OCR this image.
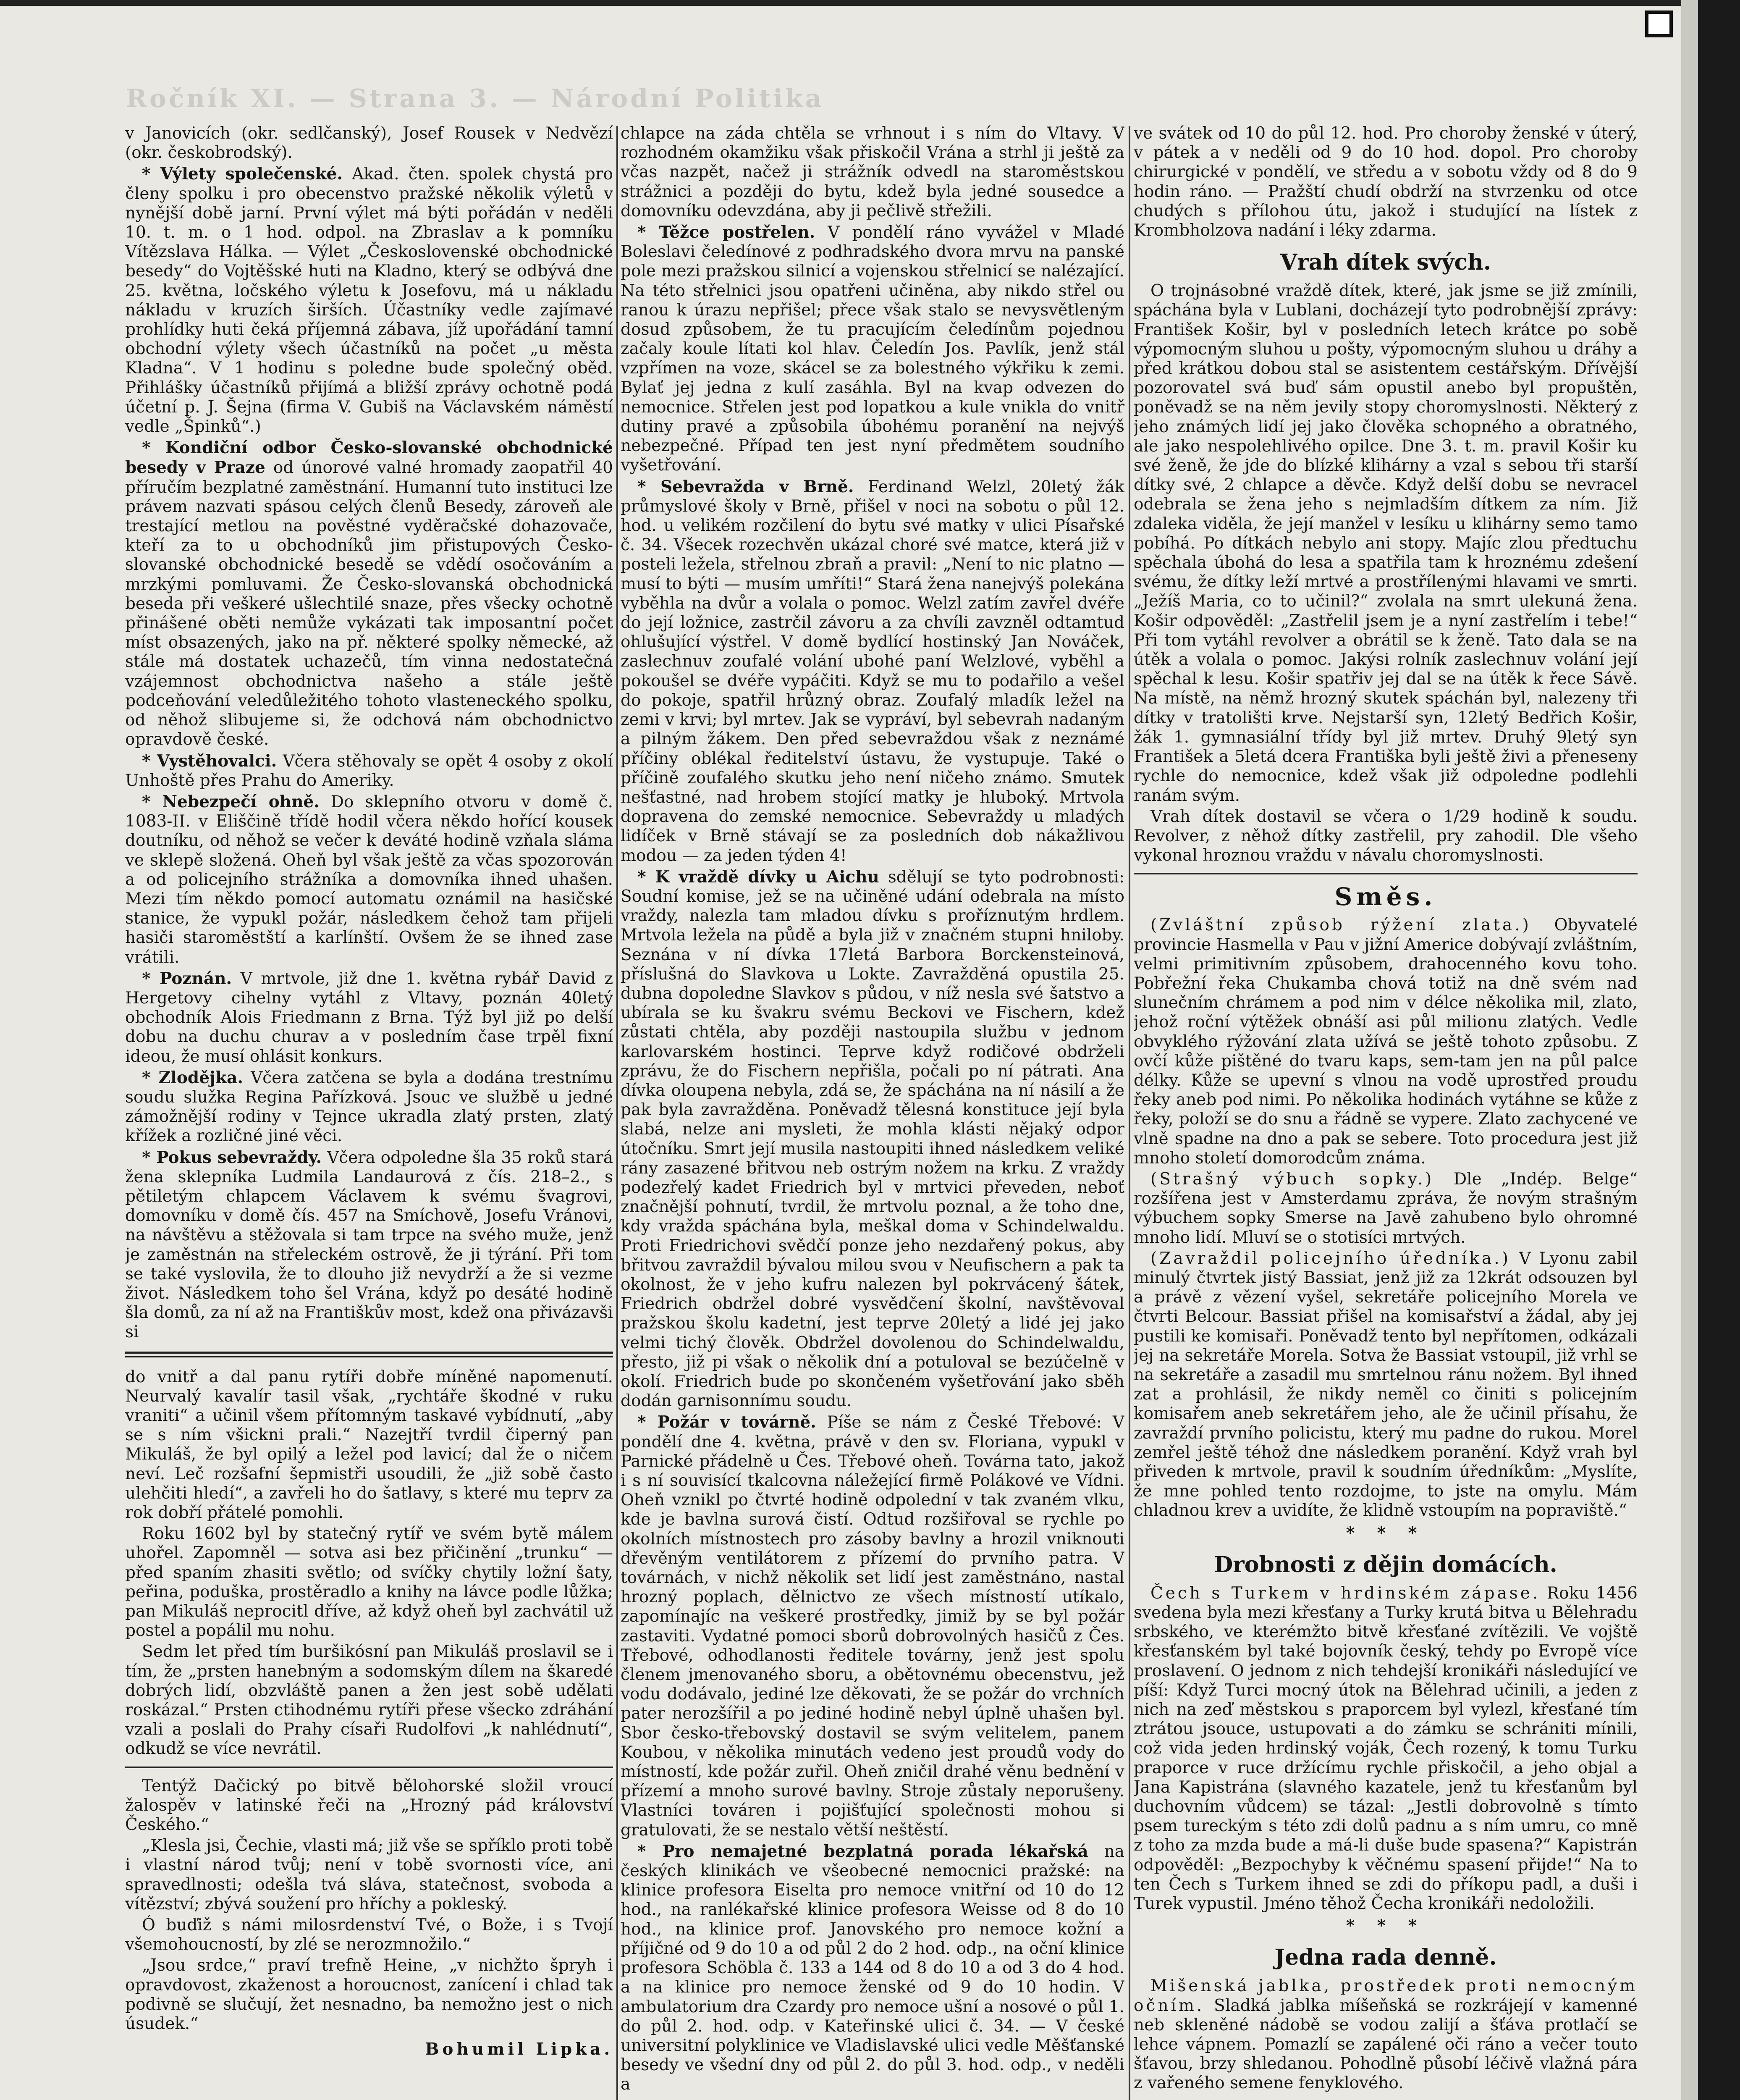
Ročník XI. — Strana 3. — Národní Politika

v Janovicích (okr. sedlčanský), Josef Rousek v Nedvězí (okr. českobrodský).

* Výlety společenské. Akad. čten. spolek chystá pro členy spolku i pro obecenstvo pražské několik výletů v nynější době jarní. První výlet má býti pořádán v neděli 10. t. m. o 1 hod. odpol. na Zbraslav a k pomníku Vítězslava Hálka. — Výlet „Československé obchodnické besedy“ do Vojtěšské huti na Kladno, který se odbývá dne 25. května, ločského výletu k Josefovu, má u nákladu nákladu v kruzích širších. Účastníky vedle zajímavé prohlídky huti čeká příjemná zábava, jíž upořádání tamní obchodní výlety všech účastníků na počet „u města Kladna“. V 1 hodinu s poledne bude společný oběd. Přihlášky účastníků přijímá a bližší zprávy ochotně podá účetní p. J. Šejna (firma V. Gubiš na Václavském náměstí vedle „Špinků“.)

* Kondiční odbor Česko-slovanské obchodnické besedy v Praze od únorové valné hromady zaopatřil 40 příručím bezplatné zaměstnání. Humanní tuto instituci lze právem nazvati spásou celých členů Besedy, zároveň ale trestající metlou na pověstné vyděračské dohazovače, kteří za to u obchodníků jim přistupových Česko-slovanské obchodnické besedě se vdědí osočováním a mrzkými pomluvami. Že Česko-slovanská obchodnická beseda při veškeré ušlechtilé snaze, přes všecky ochotně přinášené oběti nemůže vykázati tak imposantní počet míst obsazených, jako na př. některé spolky německé, až stále má dostatek uchazečů, tím vinna nedostatečná vzájemnost obchodnictva našeho a stále ještě podceňování veledůležitého tohoto vlasteneckého spolku, od něhož slibujeme si, že odchová nám obchodnictvo opravdově české.

* Vystěhovalci. Včera stěhovaly se opět 4 osoby z okolí Unhoště přes Prahu do Ameriky.

* Nebezpečí ohně. Do sklepního otvoru v domě č. 1083-II. v Eliščině třídě hodil včera někdo hořící kousek doutníku, od něhož se večer k deváté hodině vzňala sláma ve sklepě složená. Oheň byl však ještě za včas spozorován a od policejního strážníka a domovníka ihned uhašen. Mezi tím někdo pomocí automatu oznámil na hasičské stanice, že vypukl požár, následkem čehož tam přijeli hasiči staroměstští a karlínští. Ovšem že se ihned zase vrátili.

* Poznán. V mrtvole, již dne 1. května rybář David z Hergetovy cihelny vytáhl z Vltavy, poznán 40letý obchodník Alois Friedmann z Brna. Týž byl již po delší dobu na duchu churav a v posledním čase trpěl fixní ideou, že musí ohlásit konkurs.

* Zlodějka. Včera zatčena se byla a dodána trestnímu soudu služka Regina Pařízková. Jsouc ve službě u jedné zámožnější rodiny v Tejnce ukradla zlatý prsten, zlatý křížek a rozličné jiné věci.

* Pokus sebevraždy. Včera odpoledne šla 35 roků stará žena sklepníka Ludmila Landaurová z čís. 218–2., s pětiletým chlapcem Václavem k svému švagrovi, domovníku v domě čís. 457 na Smíchově, Josefu Vránovi, na návštěvu a stěžovala si tam trpce na svého muže, jenž je zaměstnán na střeleckém ostrově, že ji týrání. Při tom se také vyslovila, že to dlouho již nevydrží a že si vezme život. Následkem toho šel Vrána, když po desáté hodině šla domů, za ní až na Františkův most, kdež ona přivázavši si

do vnitř a dal panu rytíři dobře míněné napomenutí. Neurvalý kavalír tasil však, „rychtáře škodné v ruku vraniti“ a učinil všem přítomným taskavé vybídnutí, „aby se s ním všickni prali.“ Nazejtří tvrdil čiperný pan Mikuláš, že byl opilý a ležel pod lavicí; dal že o ničem neví. Leč rozšafní šepmistři usoudili, že „již sobě často ulehčiti hledí“, a zavřeli ho do šatlavy, s které mu teprv za rok dobří přátelé pomohli.

Roku 1602 byl by statečný rytíř ve svém bytě málem uhořel. Zapomněl — sotva asi bez přičinění „trunku“ — před spaním zhasiti světlo; od svíčky chytily ložní šaty, peřina, poduška, prostěradlo a knihy na lávce podle lůžka; pan Mikuláš neprocitl dříve, až když oheň byl zachvátil už postel a popálil mu nohu.

Sedm let před tím buršikósní pan Mikuláš proslavil se i tím, že „prsten hanebným a sodomským dílem na škaredé dobrých lidí, obzvláště panen a žen jest sobě udělati roskázal.“ Prsten ctihodnému rytíři přese všecko zdráhání vzali a poslali do Prahy císaři Rudolfovi „k nahlédnutí“, odkudž se více nevrátil.

Tentýž Dačický po bitvě bělohorské složil vroucí žalospěv v latinské řeči na „Hrozný pád království Českého.“

„Klesla jsi, Čechie, vlasti má; již vše se spříklo proti tobě i vlastní národ tvůj; není v tobě svornosti více, ani spravedlnosti; odešla tvá sláva, statečnost, svoboda a vítězství; zbývá soužení pro hříchy a pokleský.

Ó buďiž s námi milosrdenství Tvé, o Bože, i s Tvojí všemohoucností, by zlé se nerozmnožilo.“

„Jsou srdce,“ praví trefně Heine, „v nichžto špryh i opravdovost, zkaženost a horoucnost, zanícení i chlad tak podivně se slučují, žet nesnadno, ba nemožno jest o nich úsudek.“

Bohumil Lipka.

chlapce na záda chtěla se vrhnout i s ním do Vltavy. V rozhodném okamžiku však přiskočil Vrána a strhl ji ještě za včas nazpět, načež ji strážník odvedl na staroměstskou strážnici a později do bytu, kdež byla jedné sousedce a domovníku odevzdána, aby ji pečlivě střežili.

* Těžce postřelen. V pondělí ráno vyvážel v Mladé Boleslavi čeledínové z podhradského dvora mrvu na panské pole mezi pražskou silnicí a vojenskou střelnicí se nalézající. Na této střelnici jsou opatřeni učiněna, aby nikdo střel ou ranou k úrazu nepřišel; přece však stalo se nevysvětleným dosud způsobem, že tu pracujícím čeledínům pojednou začaly koule lítati kol hlav. Čeledín Jos. Pavlík, jenž stál vzpřímen na voze, skácel se za bolestného výkřiku k zemi. Bylať jej jedna z kulí zasáhla. Byl na kvap odvezen do nemocnice. Střelen jest pod lopatkou a kule vnikla do vnitř dutiny pravé a způsobila úbohému poranění na nejvýš nebezpečné. Případ ten jest nyní předmětem soudního vyšetřování.

* Sebevražda v Brně. Ferdinand Welzl, 20letý žák průmyslové školy v Brně, přišel v noci na sobotu o půl 12. hod. u velikém rozčilení do bytu své matky v ulici Písařské č. 34. Všecek rozechvěn ukázal choré své matce, která již v posteli ležela, střelnou zbraň a pravil: „Není to nic platno — musí to býti — musím umříti!“ Stará žena nanejvýš polekána vyběhla na dvůr a volala o pomoc. Welzl zatím zavřel dvéře do její ložnice, zastrčil závoru a za chvíli zavzněl odtamtud ohlušující výstřel. V domě bydlící hostinský Jan Nováček, zaslechnuv zoufalé volání ubohé paní Welzlové, vyběhl a pokoušel se dvéře vypáčiti. Když se mu to podařilo a vešel do pokoje, spatřil hrůzný obraz. Zoufalý mladík ležel na zemi v krvi; byl mrtev. Jak se vypráví, byl sebevrah nadaným a pilným žákem. Den před sebevraždou však z neznámé příčiny oblékal ředitelství ústavu, že vystupuje. Také o příčině zoufalého skutku jeho není ničeho známo. Smutek nešťastné, nad hrobem stojící matky je hluboký. Mrtvola dopravena do zemské nemocnice. Sebevraždy u mladých lidíček v Brně stávají se za posledních dob nákažlivou modou — za jeden týden 4!

* K vraždě dívky u Aichu sdělují se tyto podrobnosti: Soudní komise, jež se na učiněné udání odebrala na místo vraždy, nalezla tam mladou dívku s proříznutým hrdlem. Mrtvola ležela na půdě a byla již v značném stupni hniloby. Seznána v ní dívka 17letá Barbora Borckensteinová, příslušná do Slavkova u Lokte. Zavražděná opustila 25. dubna dopoledne Slavkov s půdou, v níž nesla své šatstvo a ubírala se ku švakru svému Beckovi ve Fischern, kdež zůstati chtěla, aby později nastoupila službu v jednom karlovarském hostinci. Teprve když rodičové obdrželi zprávu, že do Fischern nepřišla, počali po ní pátrati. Ana dívka oloupena nebyla, zdá se, že spáchána na ní násilí a že pak byla zavražděna. Poněvadž tělesná konstituce její byla slabá, nelze ani mysleti, že mohla klásti nějaký odpor útočníku. Smrt její musila nastoupiti ihned následkem veliké rány zasazené břitvou neb ostrým nožem na krku. Z vraždy podezřelý kadet Friedrich byl v mrtvici převeden, neboť značnější pohnutí, tvrdil, že mrtvolu poznal, a že toho dne, kdy vražda spáchána byla, meškal doma v Schindelwaldu. Proti Friedrichovi svědčí ponze jeho nezdařený pokus, aby břitvou zavraždil bývalou milou svou v Neufischern a pak ta okolnost, že v jeho kufru nalezen byl pokrvácený šátek, Friedrich obdržel dobré vysvědčení školní, navštěvoval pražskou školu kadetní, jest teprve 20letý a lidé jej jako velmi tichý člověk. Obdržel dovolenou do Schindelwaldu, přesto, již pi však o několik dní a potuloval se bezúčelně v okolí. Friedrich bude po skončeném vyšetřování jako sběh dodán garnisonnímu soudu.

* Požár v továrně. Píše se nám z České Třebové: V pondělí dne 4. května, právě v den sv. Floriana, vypukl v Parnické přádelně u Čes. Třebové oheň. Továrna tato, jakož i s ní souvisící tkalcovna náležející firmě Polákové ve Vídni. Oheň vznikl po čtvrté hodině odpolední v tak zvaném vlku, kde je bavlna surová čistí. Odtud rozšiřoval se rychle po okolních místnostech pro zásoby bavlny a hrozil vniknouti dřevěným ventilátorem z přízemí do prvního patra. V továrnách, v nichž několik set lidí jest zaměstnáno, nastal hrozný poplach, dělnictvo ze všech místností utíkalo, zapomínajíc na veškeré prostředky, jimiž by se byl požár zastaviti. Vydatné pomoci sborů dobrovolných hasičů z Čes. Třebové, odhodlanosti ředitele továrny, jenž jest spolu členem jmenovaného sboru, a obětovnému obecenstvu, jež vodu dodávalo, jediné lze děkovati, že se požár do vrchních pater nerozšířil a po jediné hodině nebyl úplně uhašen byl. Sbor česko-třebovský dostavil se svým velitelem, panem Koubou, v několika minutách vedeno jest proudů vody do místností, kde požár zuřil. Oheň zničil drahé věnu bednění v přízemí a mnoho surové bavlny. Stroje zůstaly neporušeny. Vlastníci továren i pojišťující společnosti mohou si gratulovati, že se nestalo větší neštěstí.

* Pro nemajetné bezplatná porada lékařská na českých klinikách ve všeobecné nemocnici pražské: na klinice profesora Eiselta pro nemoce vnitřní od 10 do 12 hod., na ranlékařské klinice profesora Weisse od 8 do 10 hod., na klinice prof. Janovského pro nemoce kožní a příjičné od 9 do 10 a od půl 2 do 2 hod. odp., na oční klinice profesora Schöbla č. 133 a 144 od 8 do 10 a od 3 do 4 hod. a na klinice pro nemoce ženské od 9 do 10 hodin. V ambulatorium dra Czardy pro nemoce ušní a nosové o půl 1. do půl 2. hod. odp. v Kateřinské ulici č. 34. — V české universitní polyklinice ve Vladislavské ulici vedle Měšťanské besedy ve všední dny od půl 2. do půl 3. hod. odp., v neděli a

ve svátek od 10 do půl 12. hod. Pro choroby ženské v úterý, v pátek a v neděli od 9 do 10 hod. dopol. Pro choroby chirurgické v pondělí, ve středu a v sobotu vždy od 8 do 9 hodin ráno. — Pražští chudí obdrží na stvrzenku od otce chudých s přílohou útu, jakož i studující na lístek z Krombholzova nadání i léky zdarma.

Vrah dítek svých.

O trojnásobné vraždě dítek, které, jak jsme se již zmínili, spáchána byla v Lublani, docházejí tyto podrobnější zprávy: František Košir, byl v posledních letech krátce po sobě výpomocným sluhou u pošty, výpomocným sluhou u dráhy a před krátkou dobou stal se asistentem cestářským. Dřívější pozorovatel svá buď sám opustil anebo byl propuštěn, poněvadž se na něm jevily stopy choromyslnosti. Některý z jeho známých lidí jej jako člověka schopného a obratného, ale jako nespolehlivého opilce. Dne 3. t. m. pravil Košir ku své ženě, že jde do blízké klihárny a vzal s sebou tři starší dítky své, 2 chlapce a děvče. Když delší dobu se nevracel odebrala se žena jeho s nejmladším dítkem za ním. Již zdaleka viděla, že její manžel v lesíku u klihárny semo tamo pobíhá. Po dítkách nebylo ani stopy. Majíc zlou předtuchu spěchala úbohá do lesa a spatřila tam k hroznému zdešení svému, že dítky leží mrtvé a prostřílenými hlavami ve smrti. „Ježíš Maria, co to učinil?“ zvolala na smrt ulekuná žena. Košir odpověděl: „Zastřelil jsem je a nyní zastřelím i tebe!“ Při tom vytáhl revolver a obrátil se k ženě. Tato dala se na útěk a volala o pomoc. Jakýsi rolník zaslechnuv volání její spěchal k lesu. Košir spatřiv jej dal se na útěk k řece Sávě. Na místě, na němž hrozný skutek spáchán byl, nalezeny tři dítky v tratolišti krve. Nejstarší syn, 12letý Bedřich Košir, žák 1. gymnasiální třídy byl již mrtev. Druhý 9letý syn František a 5letá dcera Františka byli ještě živi a přeneseny rychle do nemocnice, kdež však již odpoledne podlehli ranám svým.

Vrah dítek dostavil se včera o 1/29 hodině k soudu. Revolver, z něhož dítky zastřelil, pry zahodil. Dle všeho vykonal hroznou vraždu v návalu choromyslnosti.

Směs.

(Zvláštní způsob rýžení zlata.) Obyvatelé provincie Hasmella v Pau v jižní Americe dobývají zvláštním, velmi primitivním způsobem, drahocenného kovu toho. Pobřežní řeka Chukamba chová totiž na dně svém nad slunečním chrámem a pod nim v délce několika mil, zlato, jehož roční výtěžek obnáší asi půl milionu zlatých. Vedle obvyklého rýžování zlata užívá se ještě tohoto způsobu. Z ovčí kůže pištěné do tvaru kaps, sem-tam jen na půl palce délky. Kůže se upevní s vlnou na vodě uprostřed proudu řeky aneb pod nimi. Po několika hodinách vytáhne se kůže z řeky, položí se do snu a řádně se vypere. Zlato zachycené ve vlně spadne na dno a pak se sebere. Toto procedura jest již mnoho století domorodcům známa.

(Strašný výbuch sopky.) Dle „Indép. Belge“ rozšířena jest v Amsterdamu zpráva, že novým strašným výbuchem sopky Smerse na Javě zahubeno bylo ohromné mnoho lidí. Mluví se o stotisíci mrtvých.

(Zavraždil policejního úředníka.) V Lyonu zabil minulý čtvrtek jistý Bassiat, jenž již za 12krát odsouzen byl a právě z vězení vyšel, sekretáře policejního Morela ve čtvrti Belcour. Bassiat přišel na komisařství a žádal, aby jej pustili ke komisaři. Poněvadž tento byl nepřítomen, odkázali jej na sekretáře Morela. Sotva že Bassiat vstoupil, již vrhl se na sekretáře a zasadil mu smrtelnou ránu nožem. Byl ihned zat a prohlásil, že nikdy neměl co činiti s policejním komisařem aneb sekretářem jeho, ale že učinil přísahu, že zavraždí prvního policistu, který mu padne do rukou. Morel zemřel ještě téhož dne následkem poranění. Když vrah byl přiveden k mrtvole, pravil k soudním úředníkům: „Myslíte, že mne pohled tento rozdojme, to jste na omylu. Mám chladnou krev a uvidíte, že klidně vstoupím na popraviště.“

* * *
Drobnosti z dějin domácích.

Čech s Turkem v hrdinském zápase. Roku 1456 svedena byla mezi křesťany a Turky krutá bitva u Bělehradu srbského, ve kterémžto bitvě křesťané zvítězili. Ve vojště křesťanském byl také bojovník český, tehdy po Evropě více proslavení. O jednom z nich tehdejší kronikáři následující ve píší: Když Turci mocný útok na Bělehrad učinili, a jeden z nich na zeď městskou s praporcem byl vylezl, křesťané tím ztrátou jsouce, ustupovati a do zámku se schrániti mínili, což vida jeden hrdinský voják, Čech rozený, k tomu Turku praporce v ruce držícímu rychle přiskočil, a jeho objal a Jana Kapistrána (slavného kazatele, jenž tu křesťanům byl duchovním vůdcem) se tázal: „Jestli dobrovolně s tímto psem tureckým s této zdi dolů padnu a s ním umru, co mně z toho za mzda bude a má-li duše bude spasena?“ Kapistrán odpověděl: „Bezpochyby k věčnému spasení přijde!“ Na to ten Čech s Turkem ihned se zdi do příkopu padl, a duši i Turek vypustil. Jméno těhož Čecha kronikáři nedoložili.

* * *
Jedna rada denně.

Mišenská jablka, prostředek proti nemocným očním. Sladká jablka míšeňská se rozkrájejí v kamenné neb skleněné nádobě se vodou zalijí a šťáva protlačí se lehce vápnem. Pomazlí se zapálené oči ráno a večer touto šťavou, brzy shledanou. Pohodlně působí léčivě vlažná pára z vařeného semene fenyklového.
